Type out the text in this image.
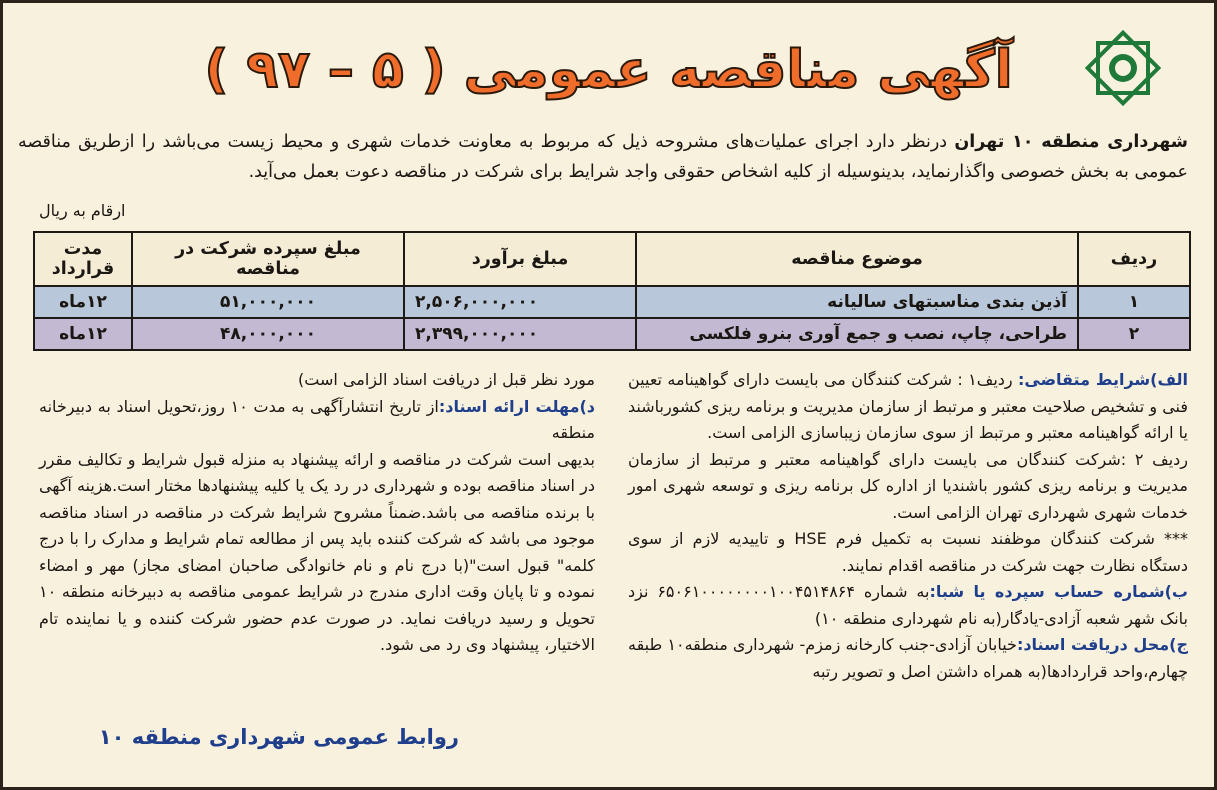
آگهی مناقصه عمومی ( ۵ – ۹۷ )
شهرداری منطقه ۱۰ تهران درنظر دارد اجرای عملیات‌های مشروحه ذیل که مربوط به معاونت خدمات شهری و محیط زیست می‌باشد را ازطریق مناقصه عمومی به بخش خصوصی واگذارنماید، بدینوسیله از کلیه اشخاص حقوقی واجد شرایط برای شرکت در مناقصه دعوت بعمل می‌آید.
ارقام به ریال
ردیف	موضوع مناقصه	مبلغ برآورد	مبلغ سپرده شرکت در مناقصه	مدت قرارداد
۱	آذین بندی مناسبتهای سالیانه	۲,۵۰۶,۰۰۰,۰۰۰	۵۱,۰۰۰,۰۰۰	۱۲ماه
۲	طراحی، چاپ، نصب و جمع آوری بنرو فلکسی	۲,۳۹۹,۰۰۰,۰۰۰	۴۸,۰۰۰,۰۰۰	۱۲ماه

الف)شرایط متقاضی: ردیف۱ : شرکت کنندگان می بایست دارای گواهینامه تعیین فنی و تشخیص صلاحیت معتبر و مرتبط از سازمان مدیریت و برنامه ریزی کشورباشند یا ارائه گواهینامه معتبر و مرتبط از سوی سازمان زیباسازی الزامی است.

ردیف ۲ :شرکت کنندگان می بایست دارای گواهینامه معتبر و مرتبط از سازمان مدیریت و برنامه ریزی کشور باشندیا از اداره کل برنامه ریزی و توسعه شهری امور خدمات شهری شهرداری تهران الزامی است.

*** شرکت کنندگان موظفند نسبت به تکمیل فرم HSE و تاییدیه لازم از سوی دستگاه نظارت جهت شرکت در مناقصه اقدام نمایند.

ب)شماره حساب سپرده یا شبا:به شماره ۶۵۰۶۱۰۰۰۰۰۰۰۰۱۰۰۴۵۱۴۸۶۴ نزد بانک شهر شعبه آزادی-یادگار(به نام شهرداری منطقه ۱۰)

ج)محل دریافت اسناد:خیابان آزادی-جنب کارخانه زمزم- شهرداری منطقه۱۰ طبقه چهارم،واحد قراردادها(به همراه داشتن اصل و تصویر رتبه

مورد نظر قبل از دریافت اسناد الزامی است)

د)مهلت ارائه اسناد:از تاریخ انتشارآگهی به مدت ۱۰ روز،تحویل اسناد به دبیرخانه منطقه

بدیهی است شرکت در مناقصه و ارائه پیشنهاد به منزله قبول شرایط و تکالیف مقرر در اسناد مناقصه بوده و شهرداری در رد یک یا کلیه پیشنهادها مختار است.هزینه آگهی با برنده مناقصه می باشد.ضمناً مشروح شرایط شرکت در مناقصه در اسناد مناقصه موجود می باشد که شرکت کننده باید پس از مطالعه تمام شرایط و مدارک را با درج کلمه" قبول است"(با درج نام و نام خانوادگی صاحبان امضای مجاز) مهر و امضاء نموده و تا پایان وقت اداری مندرج در شرایط عمومی مناقصه به دبیرخانه منطقه ۱۰ تحویل و رسید دریافت نماید. در صورت عدم حضور شرکت کننده و یا نماینده تام الاختیار، پیشنهاد وی رد می شود.

روابط عمومی شهرداری منطقه ۱۰
